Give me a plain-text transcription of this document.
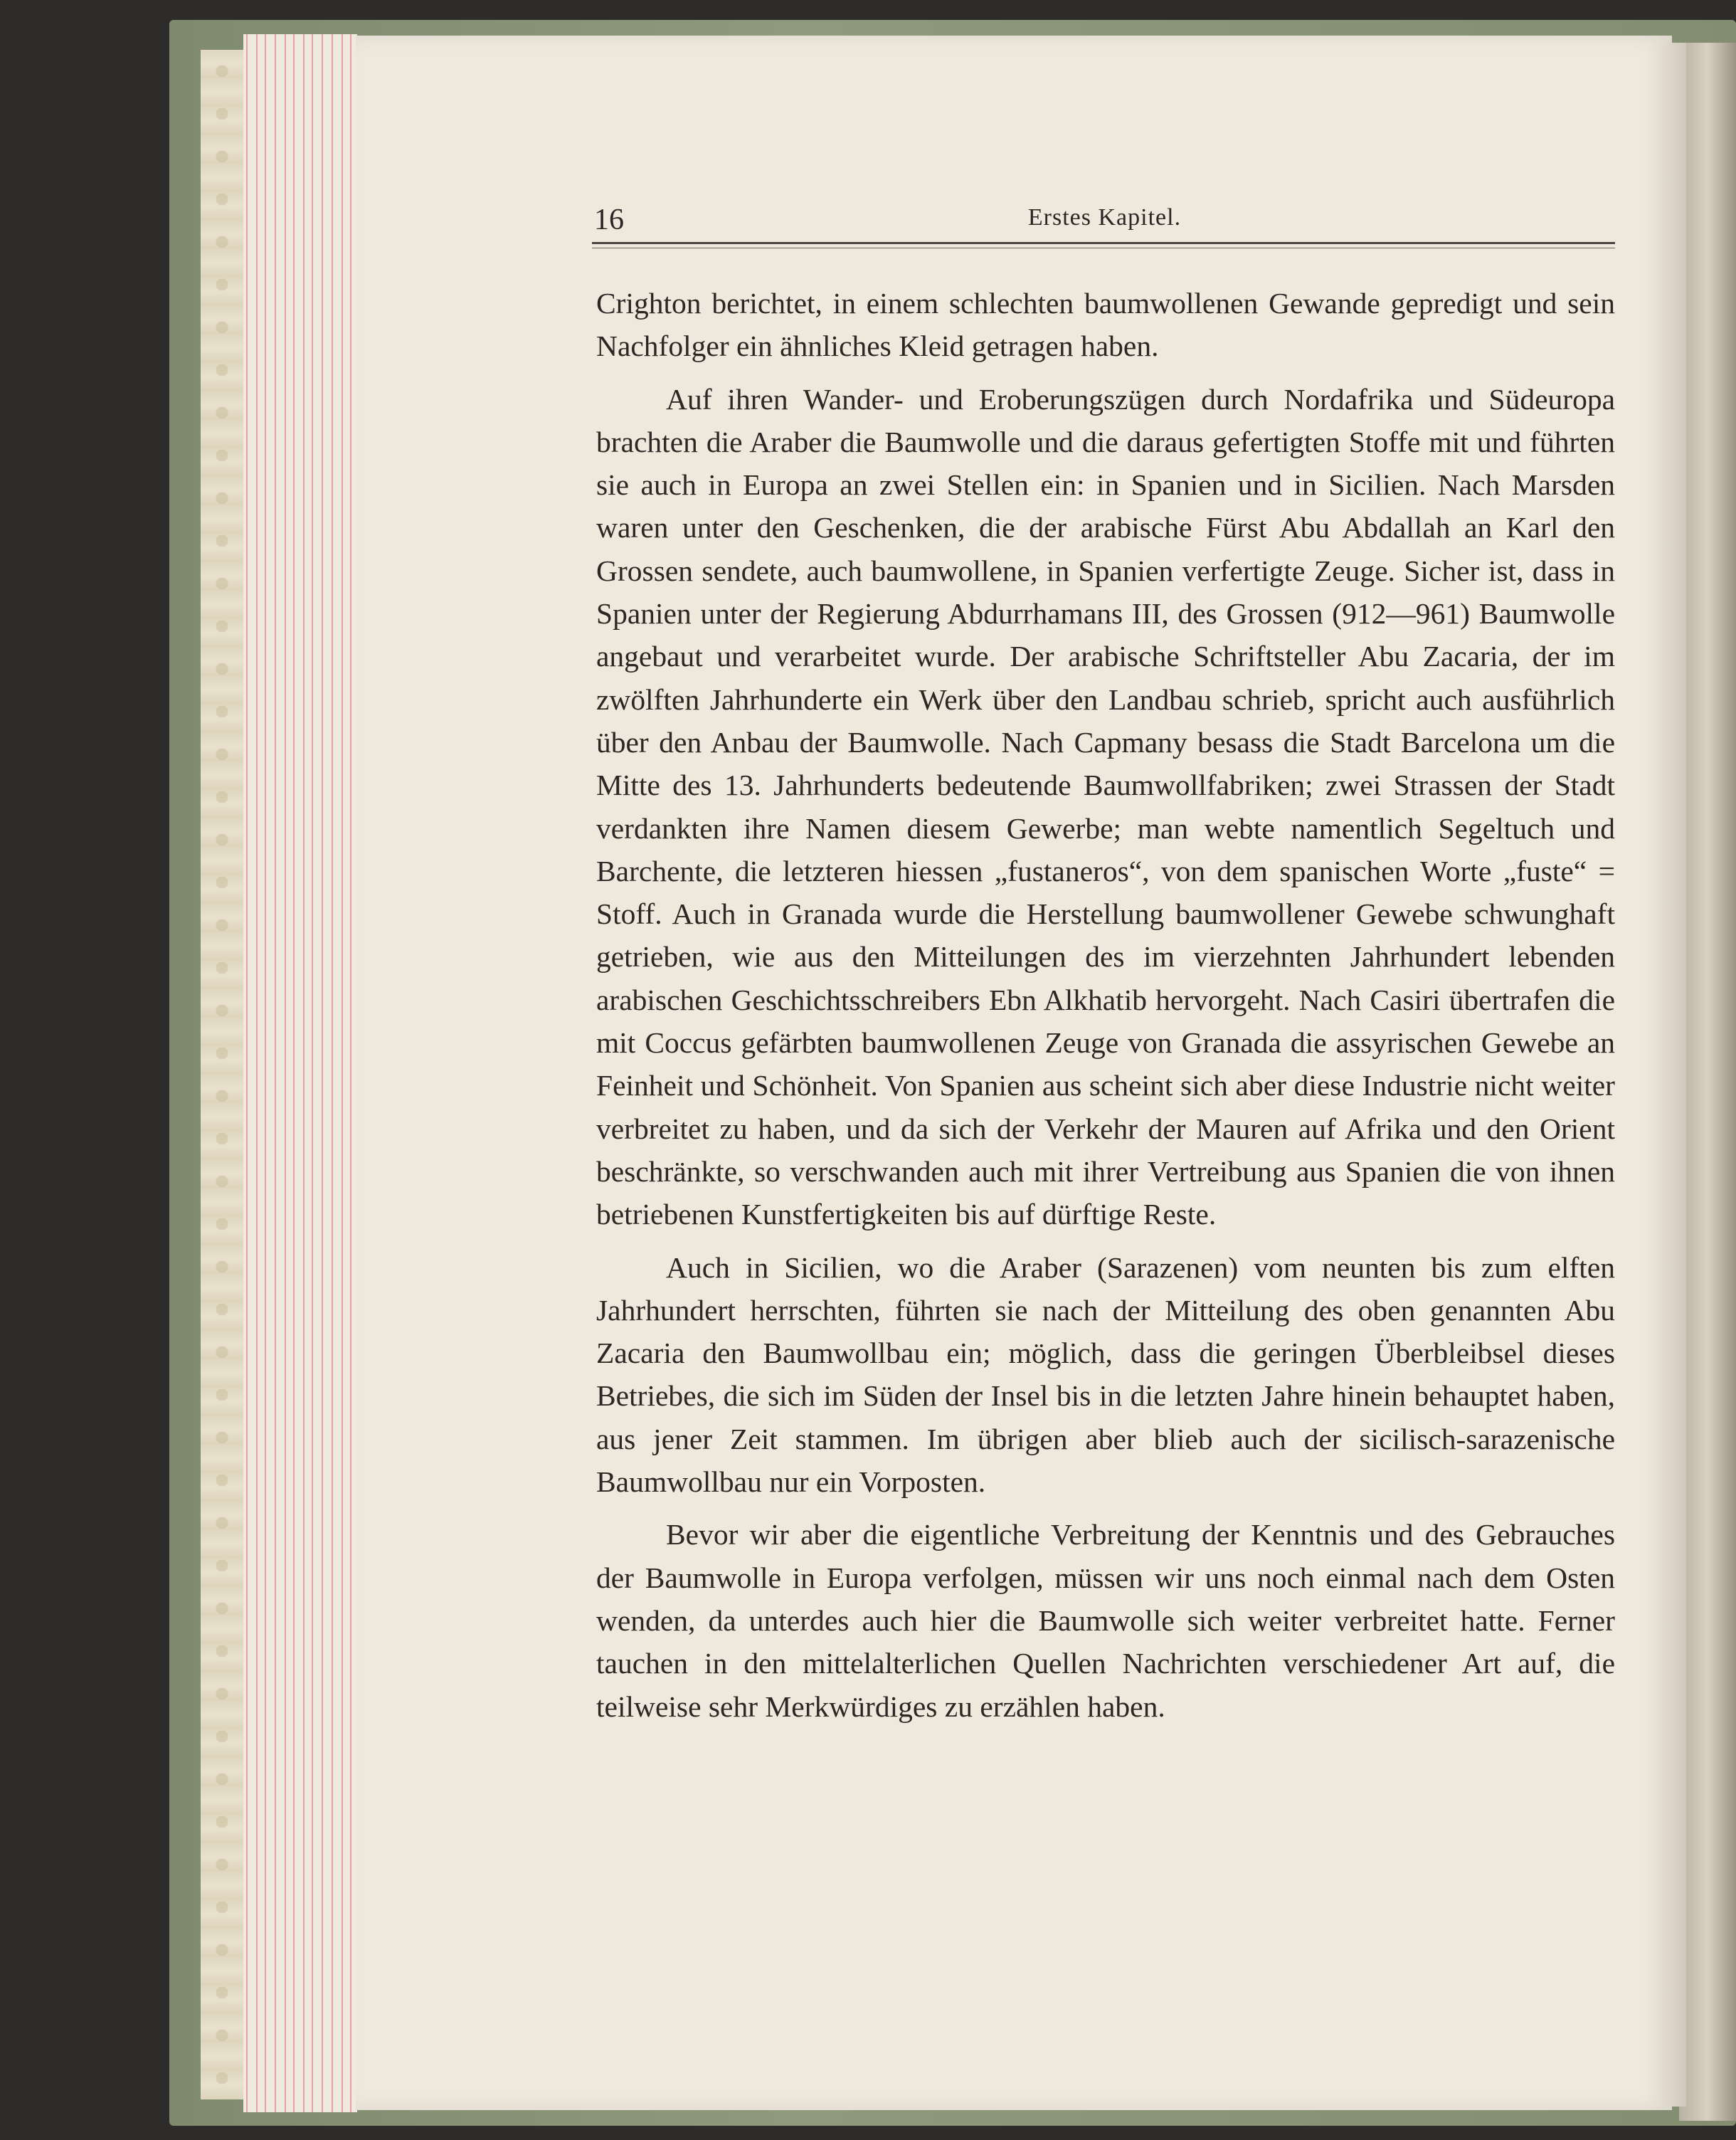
16	Erstes Kapitel.

Crighton berichtet, in einem schlechten baumwollenen Gewande gepredigt und sein Nachfolger ein ähnliches Kleid getragen haben.

Auf ihren Wander- und Eroberungszügen durch Nordafrika und Südeuropa brachten die Araber die Baumwolle und die daraus gefertigten Stoffe mit und führten sie auch in Europa an zwei Stellen ein: in Spanien und in Sicilien. Nach Marsden waren unter den Geschenken, die der arabische Fürst Abu Abdallah an Karl den Grossen sendete, auch baumwollene, in Spanien verfertigte Zeuge. Sicher ist, dass in Spanien unter der Regierung Abdurrhamans III, des Grossen (912—961) Baumwolle angebaut und verarbeitet wurde. Der arabische Schriftsteller Abu Zacaria, der im zwölften Jahrhunderte ein Werk über den Landbau schrieb, spricht auch ausführlich über den Anbau der Baumwolle. Nach Capmany besass die Stadt Barcelona um die Mitte des 13. Jahrhunderts bedeutende Baumwollfabriken; zwei Strassen der Stadt verdankten ihre Namen diesem Gewerbe; man webte namentlich Segeltuch und Barchente, die letzteren hiessen „fustaneros“, von dem spanischen Worte „fuste“ = Stoff. Auch in Granada wurde die Herstellung baumwollener Gewebe schwunghaft getrieben, wie aus den Mitteilungen des im vierzehnten Jahrhundert lebenden arabischen Geschichtsschreibers Ebn Alkhatib hervorgeht. Nach Casiri übertrafen die mit Coccus gefärbten baumwollenen Zeuge von Granada die assyrischen Gewebe an Feinheit und Schönheit. Von Spanien aus scheint sich aber diese Industrie nicht weiter verbreitet zu haben, und da sich der Verkehr der Mauren auf Afrika und den Orient beschränkte, so verschwanden auch mit ihrer Vertreibung aus Spanien die von ihnen betriebenen Kunstfertigkeiten bis auf dürftige Reste.

Auch in Sicilien, wo die Araber (Sarazenen) vom neunten bis zum elften Jahrhundert herrschten, führten sie nach der Mitteilung des oben genannten Abu Zacaria den Baumwollbau ein; möglich, dass die geringen Überbleibsel dieses Betriebes, die sich im Süden der Insel bis in die letzten Jahre hinein behauptet haben, aus jener Zeit stammen. Im übrigen aber blieb auch der sicilisch-sarazenische Baumwollbau nur ein Vorposten.

Bevor wir aber die eigentliche Verbreitung der Kenntnis und des Gebrauches der Baumwolle in Europa verfolgen, müssen wir uns noch einmal nach dem Osten wenden, da unterdes auch hier die Baumwolle sich weiter verbreitet hatte. Ferner tauchen in den mittelalterlichen Quellen Nachrichten verschiedener Art auf, die teilweise sehr Merkwürdiges zu erzählen haben.
